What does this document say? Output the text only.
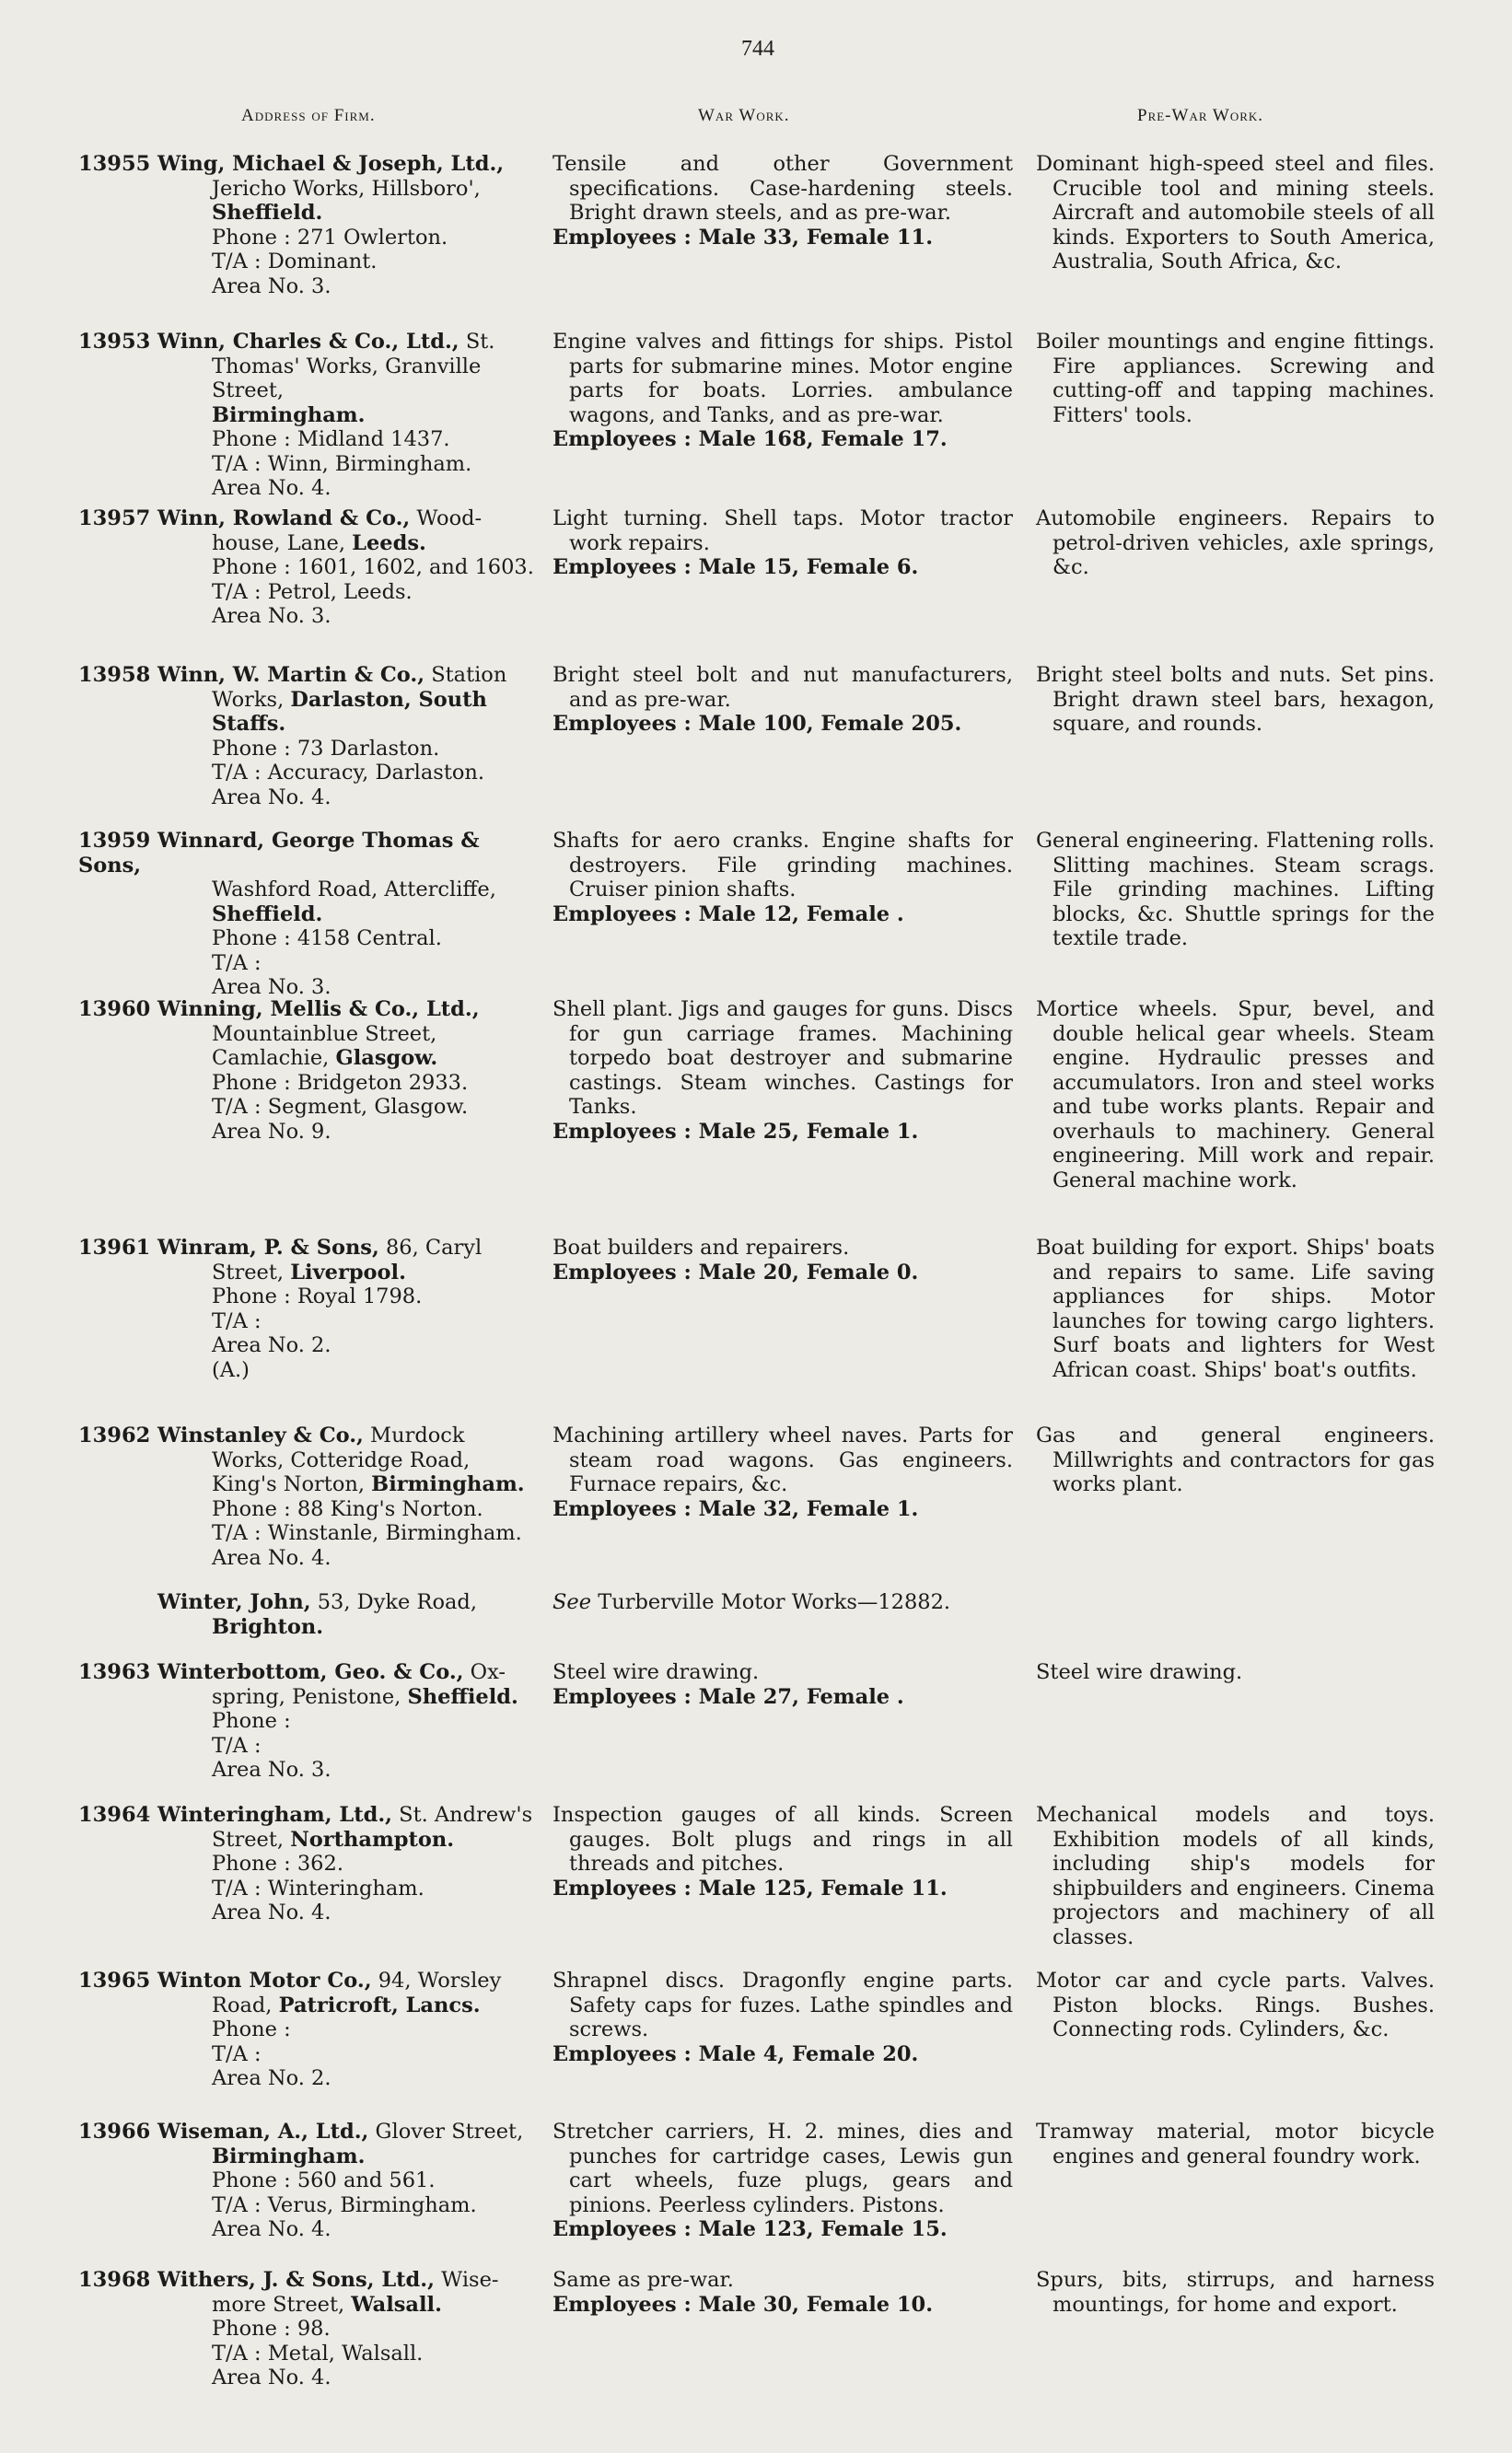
744
Address of Firm.	War Work.	Pre-War Work.
13955 Wing, Michael & Joseph, Ltd.,
Jericho Works, Hillsboro',
Sheffield.
Phone : 271 Owlerton.
T/A : Dominant.
Area No. 3.
Tensile and other Government specifications. Case-hardening steels. Bright drawn steels, and as pre-war.
Employees : Male 33, Female 11.
Dominant high-speed steel and files. Crucible tool and mining steels. Aircraft and automobile steels of all kinds. Exporters to South America, Australia, South Africa, &c.
13953 Winn, Charles & Co., Ltd., St.
Thomas' Works, Granville Street,
Birmingham.
Phone : Midland 1437.
T/A : Winn, Birmingham.
Area No. 4.
Engine valves and fittings for ships. Pistol parts for submarine mines. Motor engine parts for boats. Lorries. ambulance wagons, and Tanks, and as pre-war.
Employees : Male 168, Female 17.
Boiler mountings and engine fittings. Fire appliances. Screwing and cutting-off and tapping machines. Fitters' tools.
13957 Winn, Rowland & Co., Wood-
house, Lane, Leeds.
Phone : 1601, 1602, and 1603.
T/A : Petrol, Leeds.
Area No. 3.
Light turning. Shell taps. Motor tractor work repairs.
Employees : Male 15, Female 6.
Automobile engineers. Repairs to petrol-driven vehicles, axle springs, &c.
13958 Winn, W. Martin & Co., Station
Works, Darlaston, South Staffs.
Phone : 73 Darlaston.
T/A : Accuracy, Darlaston.
Area No. 4.
Bright steel bolt and nut manufacturers, and as pre-war.
Employees : Male 100, Female 205.
Bright steel bolts and nuts. Set pins. Bright drawn steel bars, hexagon, square, and rounds.
13959 Winnard, George Thomas & Sons,
Washford Road, Attercliffe,
Sheffield.
Phone : 4158 Central.
T/A :
Area No. 3.
Shafts for aero cranks. Engine shafts for destroyers. File grinding machines. Cruiser pinion shafts.
Employees : Male 12, Female .
General engineering. Flattening rolls. Slitting machines. Steam scrags. File grinding machines. Lifting blocks, &c. Shuttle springs for the textile trade.
13960 Winning, Mellis & Co., Ltd.,
Mountainblue Street, Camlachie, Glasgow.
Phone : Bridgeton 2933.
T/A : Segment, Glasgow.
Area No. 9.
Shell plant. Jigs and gauges for guns. Discs for gun carriage frames. Machining torpedo boat destroyer and submarine castings. Steam winches. Castings for Tanks.
Employees : Male 25, Female 1.
Mortice wheels. Spur, bevel, and double helical gear wheels. Steam engine. Hydraulic presses and accumulators. Iron and steel works and tube works plants. Repair and overhauls to machinery. General engineering. Mill work and repair. General machine work.
13961 Winram, P. & Sons, 86, Caryl
Street, Liverpool.
Phone : Royal 1798.
T/A :
Area No. 2.
(A.)
Boat builders and repairers.
Employees : Male 20, Female 0.
Boat building for export. Ships' boats and repairs to same. Life saving appliances for ships. Motor launches for towing cargo lighters. Surf boats and lighters for West African coast. Ships' boat's outfits.
13962 Winstanley & Co., Murdock
Works, Cotteridge Road, King's Norton, Birmingham.
Phone : 88 King's Norton.
T/A : Winstanle, Birmingham.
Area No. 4.
Machining artillery wheel naves. Parts for steam road wagons. Gas engineers. Furnace repairs, &c.
Employees : Male 32, Female 1.
Gas and general engineers. Millwrights and contractors for gas works plant.
Winter, John, 53, Dyke Road,
Brighton.
See Turberville Motor Works—12882.
13963 Winterbottom, Geo. & Co., Ox-
spring, Penistone, Sheffield.
Phone :
T/A :
Area No. 3.
Steel wire drawing.
Employees : Male 27, Female .
Steel wire drawing.
13964 Winteringham, Ltd., St. Andrew's
Street, Northampton.
Phone : 362.
T/A : Winteringham.
Area No. 4.
Inspection gauges of all kinds. Screen gauges. Bolt plugs and rings in all threads and pitches.
Employees : Male 125, Female 11.
Mechanical models and toys. Exhibition models of all kinds, including ship's models for shipbuilders and engineers. Cinema projectors and machinery of all classes.
13965 Winton Motor Co., 94, Worsley
Road, Patricroft, Lancs.
Phone :
T/A :
Area No. 2.
Shrapnel discs. Dragonfly engine parts. Safety caps for fuzes. Lathe spindles and screws.
Employees : Male 4, Female 20.
Motor car and cycle parts. Valves. Piston blocks. Rings. Bushes. Connecting rods. Cylinders, &c.
13966 Wiseman, A., Ltd., Glover Street,
Birmingham.
Phone : 560 and 561.
T/A : Verus, Birmingham.
Area No. 4.
Stretcher carriers, H. 2. mines, dies and punches for cartridge cases, Lewis gun cart wheels, fuze plugs, gears and pinions. Peerless cylinders. Pistons.
Employees : Male 123, Female 15.
Tramway material, motor bicycle engines and general foundry work.
13968 Withers, J. & Sons, Ltd., Wise-
more Street, Walsall.
Phone : 98.
T/A : Metal, Walsall.
Area No. 4.
Same as pre-war.
Employees : Male 30, Female 10.
Spurs, bits, stirrups, and harness mountings, for home and export.
